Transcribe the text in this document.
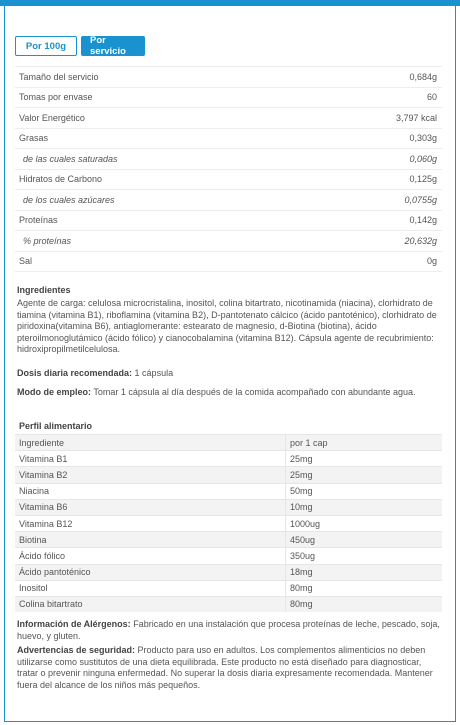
Por 100g	Por servicio
Tamaño del servicio	0,684g
Tomas por envase	60
Valor Energético	3,797 kcal
Grasas	0,303g
de las cuales saturadas	0,060g
Hidratos de Carbono	0,125g
de los cuales azúcares	0,0755g
Proteínas	0,142g
% proteínas	20,632g
Sal	0g
Ingredientes
Agente de carga: celulosa microcristalina, inositol, colina bitartrato, nicotinamida (niacina), clorhidrato de tiamina (vitamina B1), riboflamina (vitamina B2), D-pantotenato cálcico (ácido pantoténico), clorhidrato de piridoxina(vitamina B6), antiaglomerante: estearato de magnesio, d-Biotina (biotina), ácido pteroilmonoglutámico (ácido fólico) y cianocobalamina (vitamina B12). Cápsula agente de recubrimiento: hidroxipropilmetilcelulosa.
Dosis diaria recomendada: 1 cápsula
Modo de empleo: Tomar 1 cápsula al día después de la comida acompañado con abundante agua.
Perfil alimentario
Ingrediente	por 1 cap
Vitamina B1	25mg
Vitamina B2	25mg
Niacina	50mg
Vitamina B6	10mg
Vitamina B12	1000ug
Biotina	450ug
Ácido fólico	350ug
Ácido pantoténico	18mg
Inositol	80mg
Colina bitartrato	80mg
Información de Alérgenos: Fabricado en una instalación que procesa proteínas de leche, pescado, soja, huevo, y gluten.
Advertencias de seguridad: Producto para uso en adultos. Los complementos alimenticios no deben utilizarse como sustitutos de una dieta equilibrada. Este producto no está diseñado para diagnosticar, tratar o prevenir ninguna enfermedad. No superar la dosis diaria expresamente recomendada. Mantener fuera del alcance de los niños más pequeños.
